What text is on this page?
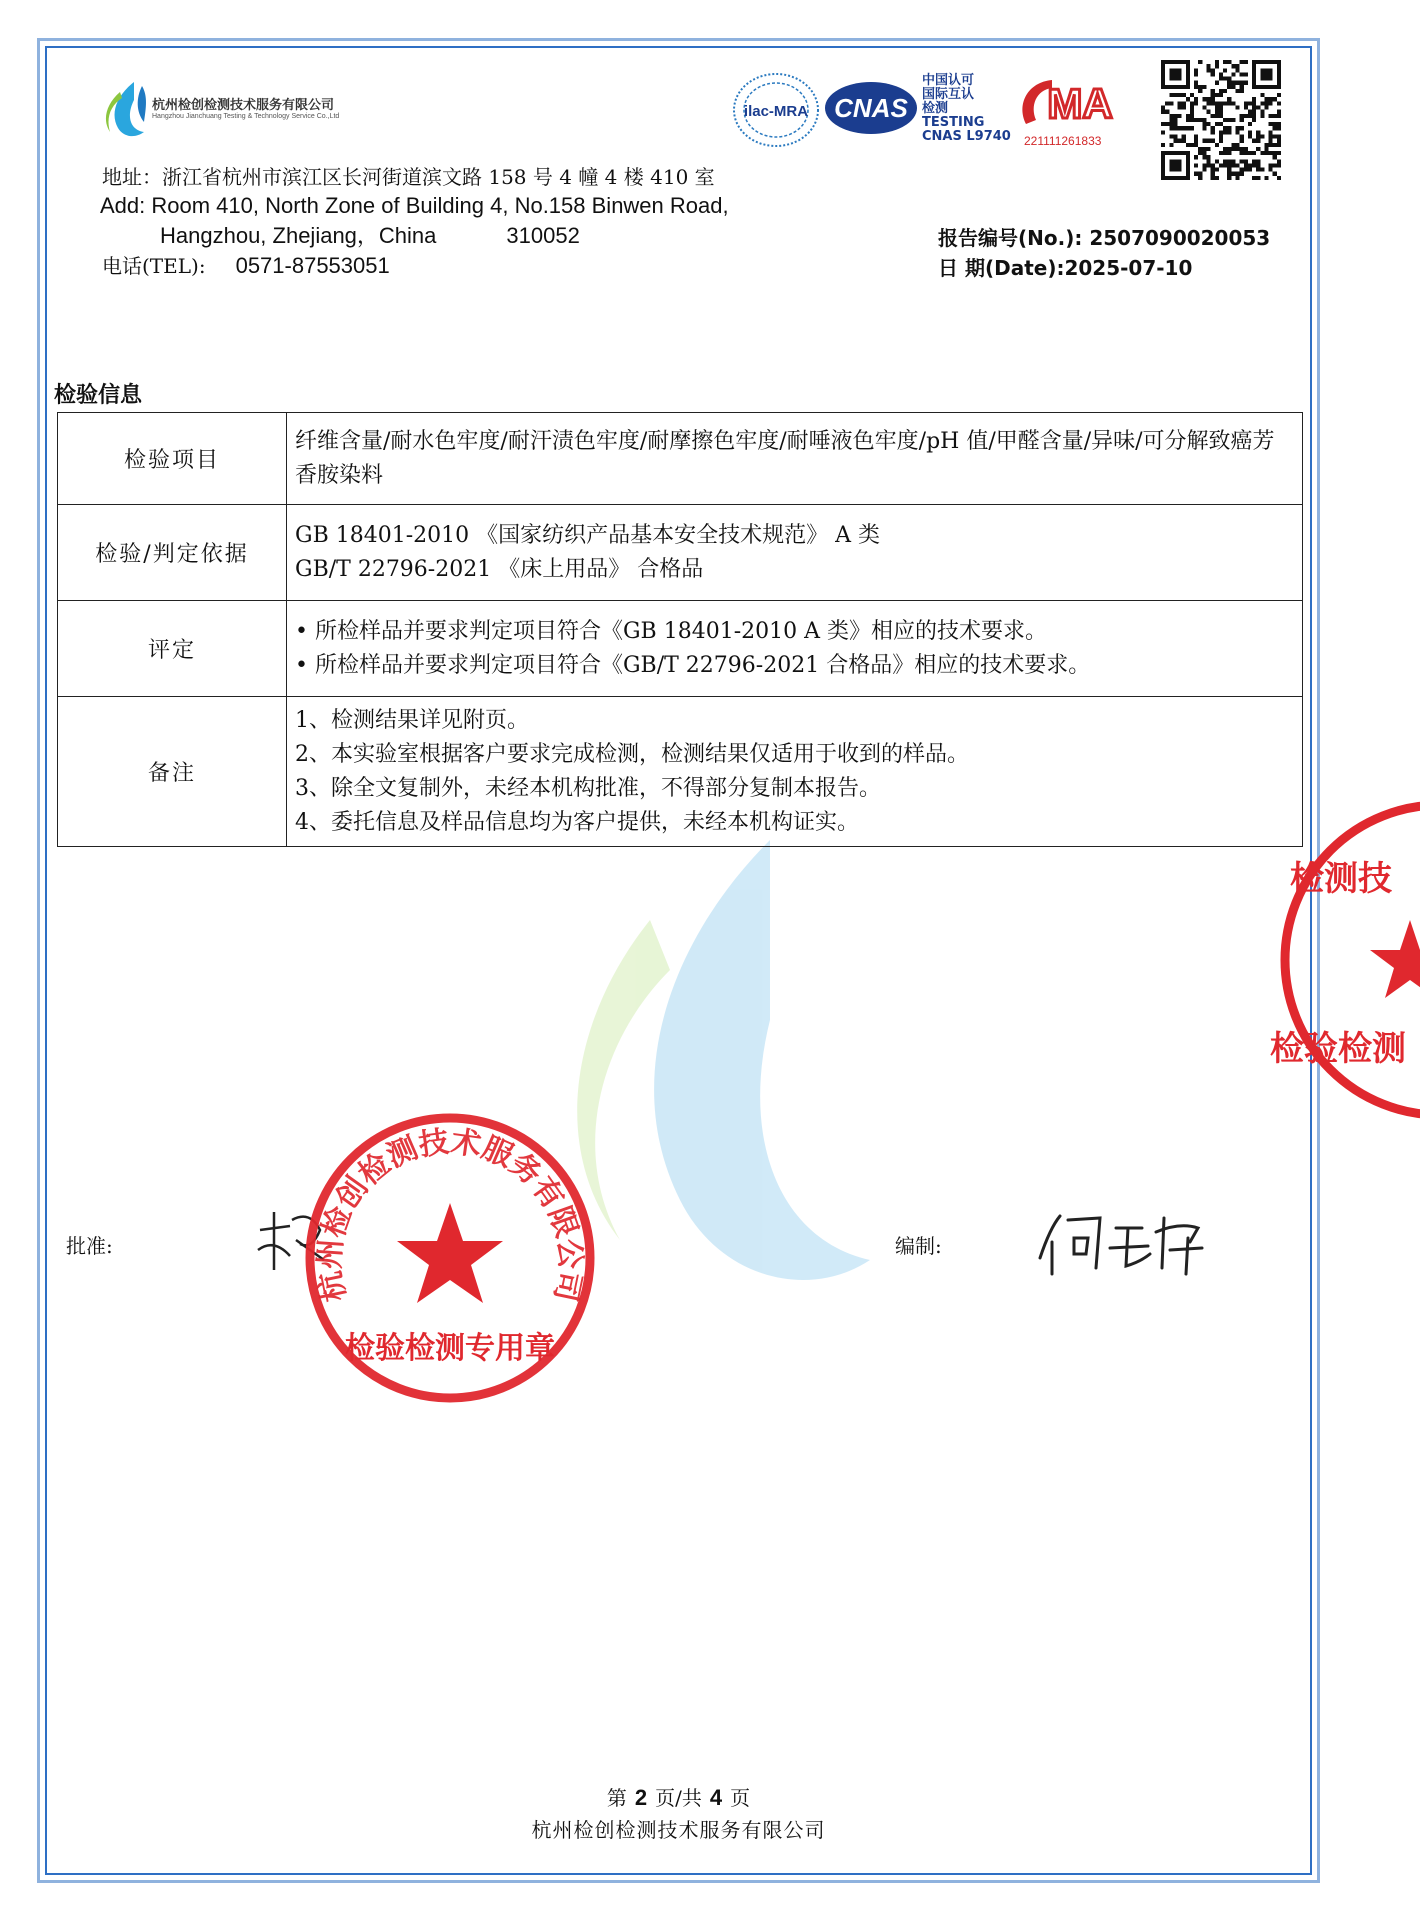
杭州检创检测技术服务有限公司
Hangzhou Jianchuang Testing & Technology Service Co.,Ltd	ilac-MRA CNAS
中国认可
国际互认
检测
TESTING
CNAS L9740
MA
221111261833
地址：浙江省杭州市滨江区长河街道滨文路 158 号 4 幢 4 楼 410 室
Add: Room 410, North Zone of Building 4, No.158 Binwen Road,
Hangzhou, Zhejiang，China	310052
电话(TEL): 0571-87553051
报告编号(No.): 2507090020053
日 期(Date):2025-07-10
检验信息
检验项目	纤维含量/耐水色牢度/耐汗渍色牢度/耐摩擦色牢度/耐唾液色牢度/pH 值/甲醛含量/异味/可分解致癌芳香胺染料

检验/判定依据	GB 18401-2010 《国家纺织产品基本安全技术规范》 A 类
GB/T 22796-2021 《床上用品》 合格品

评定	• 所检样品并要求判定项目符合《GB 18401-2010 A 类》相应的技术要求。
• 所检样品并要求判定项目符合《GB/T 22796-2021 合格品》相应的技术要求。

备注	1、检测结果详见附页。
2、本实验室根据客户要求完成检测，检测结果仅适用于收到的样品。
3、除全文复制外，未经本机构批准，不得部分复制本报告。
4、委托信息及样品信息均为客户提供，未经本机构证实。
检测技
检验检测
批准:	编制:
杭州检创检测技术服务有限公司
检验检测专用章
第 2 页/共 4 页
杭州检创检测技术服务有限公司
